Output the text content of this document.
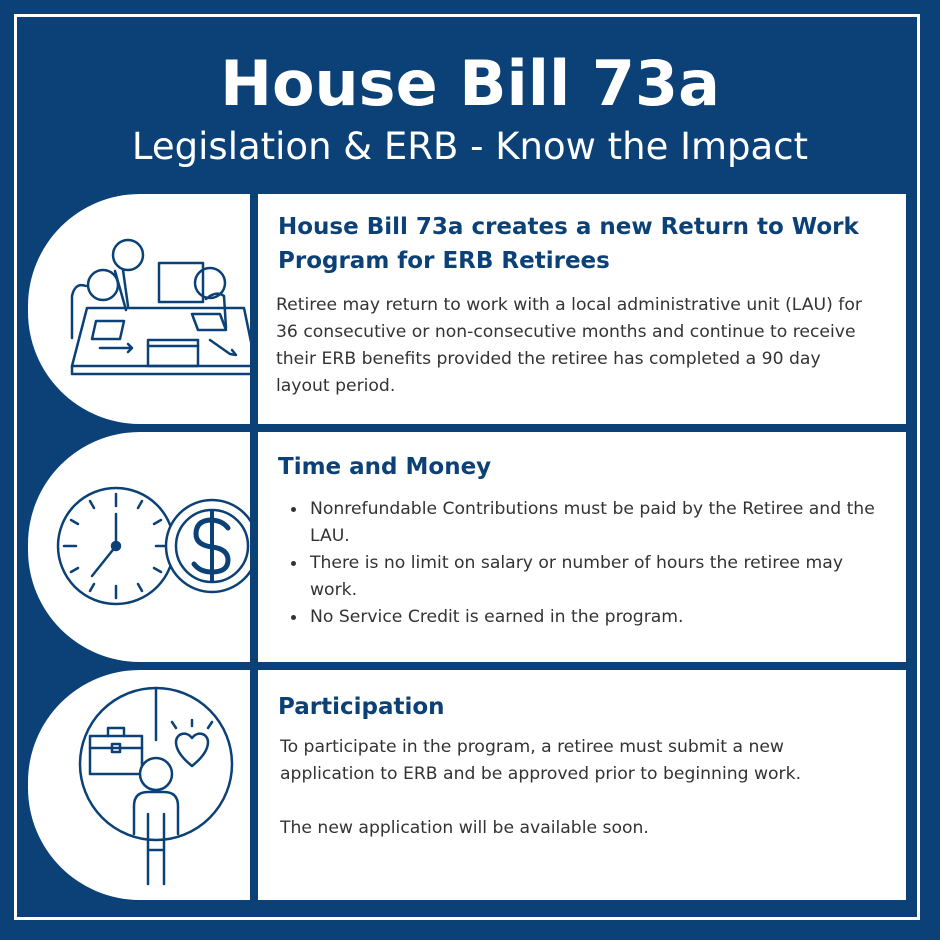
House Bill 73a

Legislation & ERB - Know the Impact

House Bill 73a creates a new Return to Work Program for ERB Retirees

Retiree may return to work with a local administrative unit (LAU) for 36 consecutive or non-consecutive months and continue to receive their ERB benefits provided the retiree has completed a 90 day layout period.

Time and Money
Nonrefundable Contributions must be paid by the Retiree and the LAU.
There is no limit on salary or number of hours the retiree may work.
No Service Credit is earned in the program.
Participation

To participate in the program, a retiree must submit a new application to ERB and be approved prior to beginning work.

The new application will be available soon.
